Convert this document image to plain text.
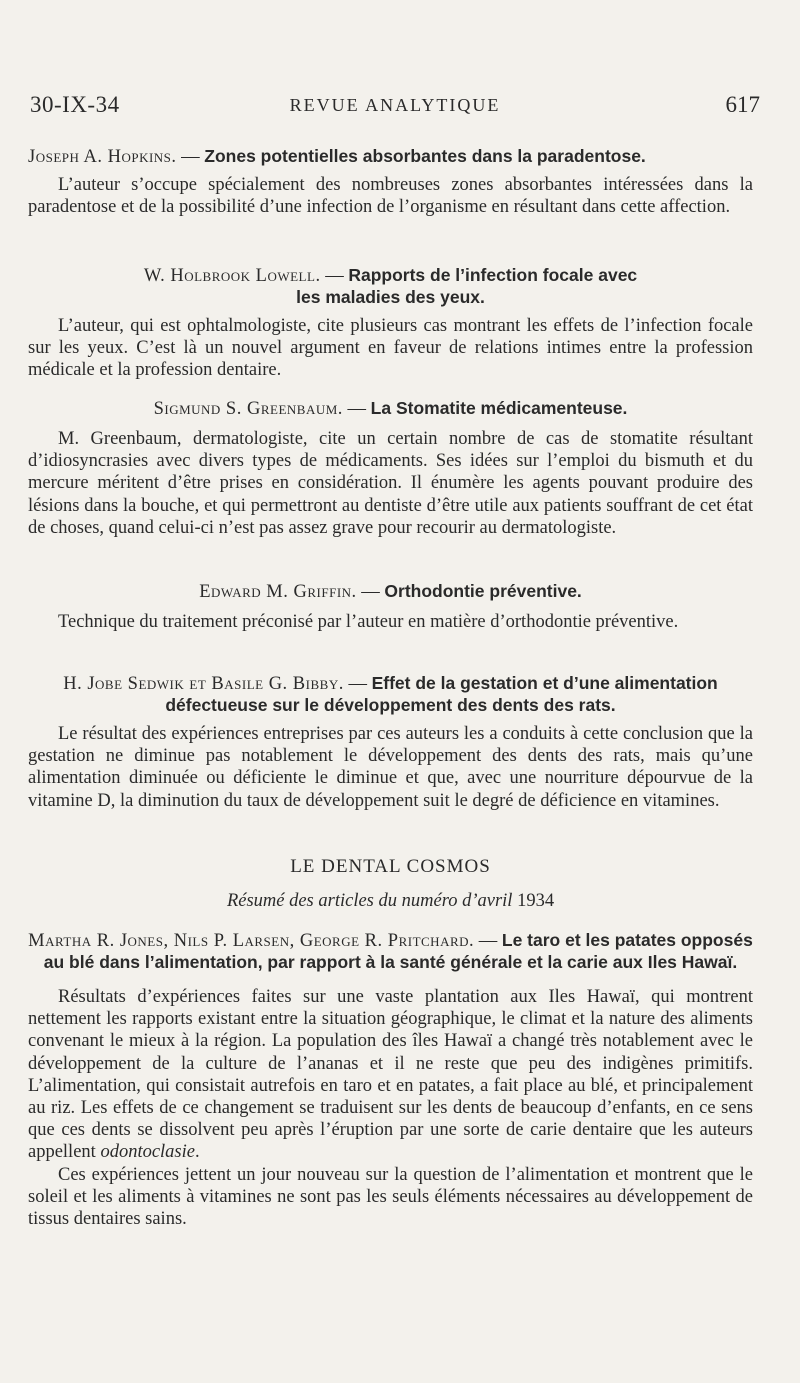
30-IX-34	REVUE ANALYTIQUE	617
Joseph A. Hopkins. — Zones potentielles absorbantes dans la paradentose.

L’auteur s’occupe spécialement des nombreuses zones absorbantes intéressées dans la paradentose et de la possibilité d’une infection de l’organisme en résultant dans cette affection.

W. Holbrook Lowell. — Rapports de l’infection focale avec les maladies des yeux.

L’auteur, qui est ophtalmologiste, cite plusieurs cas montrant les effets de l’infection focale sur les yeux. C’est là un nouvel argument en faveur de relations intimes entre la profession médicale et la profession dentaire.

Sigmund S. Greenbaum. — La Stomatite médicamenteuse.

M. Greenbaum, dermatologiste, cite un certain nombre de cas de stomatite résultant d’idiosyncrasies avec divers types de médicaments. Ses idées sur l’emploi du bismuth et du mercure méritent d’être prises en considération. Il énumère les agents pouvant produire des lésions dans la bouche, et qui permettront au dentiste d’être utile aux patients souffrant de cet état de choses, quand celui-ci n’est pas assez grave pour recourir au dermatologiste.

Edward M. Griffin. — Orthodontie préventive.

Technique du traitement préconisé par l’auteur en matière d’orthodontie préventive.

H. Jobe Sedwik et Basile G. Bibby. — Effet de la gestation et d’une alimentation défectueuse sur le développement des dents des rats.

Le résultat des expériences entreprises par ces auteurs les a conduits à cette conclusion que la gestation ne diminue pas notablement le développement des dents des rats, mais qu’une alimentation diminuée ou déficiente le diminue et que, avec une nourriture dépourvue de la vitamine D, la diminution du taux de développement suit le degré de déficience en vitamines.

LE DENTAL COSMOS
Résumé des articles du numéro d’avril 1934
Martha R. Jones, Nils P. Larsen, George R. Pritchard. — Le taro et les patates opposés au blé dans l’alimentation, par rapport à la santé générale et la carie aux Iles Hawaï.

Résultats d’expériences faites sur une vaste plantation aux Iles Hawaï, qui montrent nettement les rapports existant entre la situation géographique, le climat et la nature des aliments convenant le mieux à la région. La population des îles Hawaï a changé très notablement avec le développement de la culture de l’ananas et il ne reste que peu des indigènes primitifs. L’alimentation, qui consistait autrefois en taro et en patates, a fait place au blé, et principalement au riz. Les effets de ce changement se traduisent sur les dents de beaucoup d’enfants, en ce sens que ces dents se dissolvent peu après l’éruption par une sorte de carie dentaire que les auteurs appellent odontoclasie.

Ces expériences jettent un jour nouveau sur la question de l’alimentation et montrent que le soleil et les aliments à vitamines ne sont pas les seuls éléments nécessaires au développement de tissus dentaires sains.
